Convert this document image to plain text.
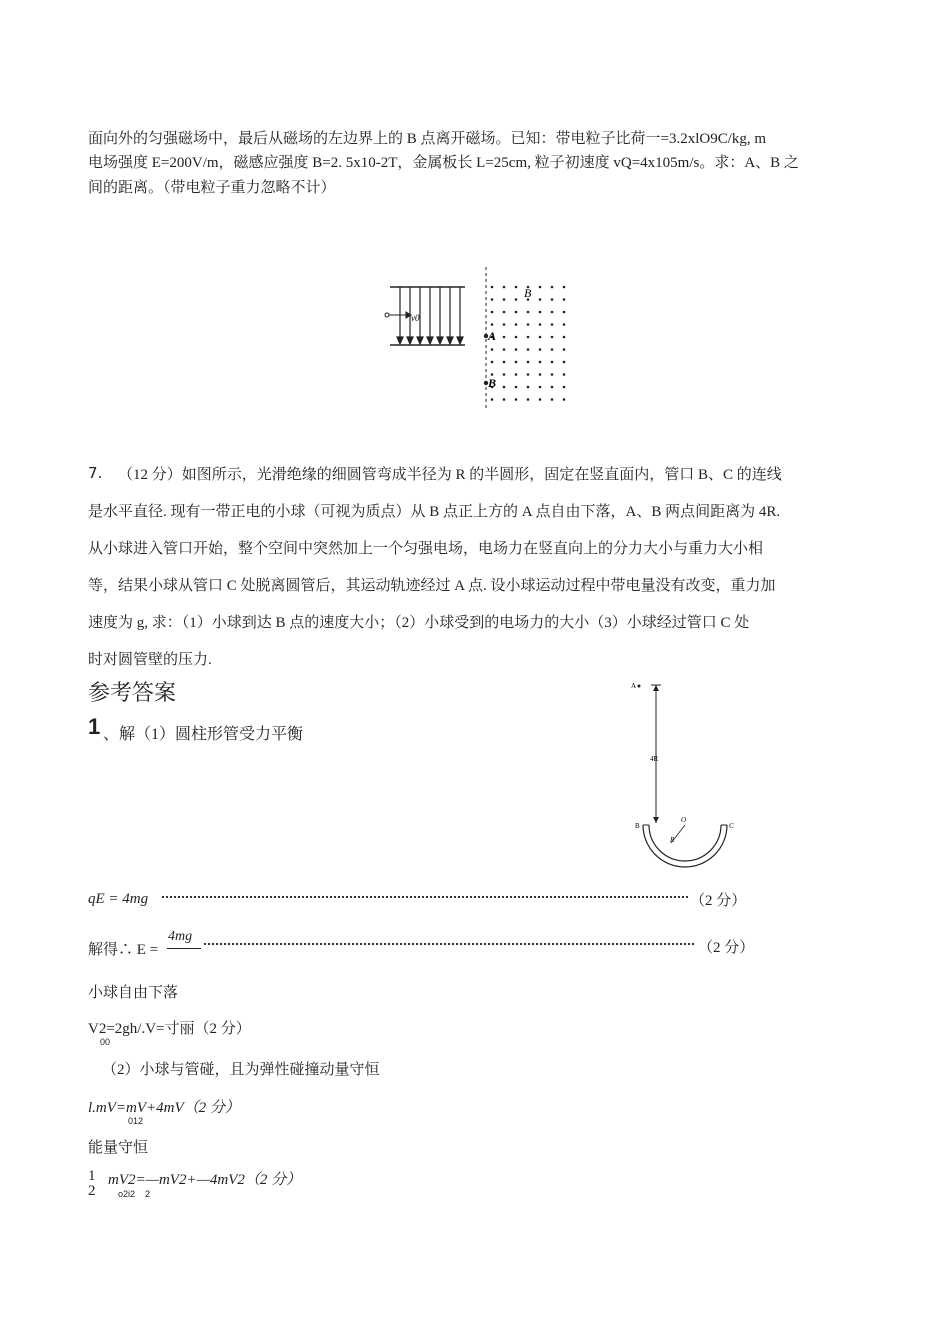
面向外的匀强磁场中，最后从磁场的左边界上的 B 点离开磁场。已知：带电粒子比荷一=3.2xlO9C/kg, m
电场强度 E=200V/m，磁感应强度 B=2. 5x10-2T，金属板长 L=25cm, 粒子初速度 vQ=4x105m/s。求：A、B 之
间的距离。（带电粒子重力忽略不计）
v0
B
A
B
7. （12 分）如图所示，光滑绝缘的细圆管弯成半径为 R 的半圆形，固定在竖直面内，管口 B、C 的连线
是水平直径. 现有一带正电的小球（可视为质点）从 B 点正上方的 A 点自由下落，A、B 两点间距离为 4R.
从小球进入管口开始，整个空间中突然加上一个匀强电场，电场力在竖直向上的分力大小与重力大小相
等，结果小球从管口 C 处脱离圆管后，其运动轨迹经过 A 点. 设小球运动过程中带电量没有改变，重力加
速度为 g, 求：（1）小球到达 B 点的速度大小；（2）小球受到的电场力的大小（3）小球经过管口 C 处
时对圆管壁的压力.
参考答案
1 、解（1）圆柱形管受力平衡
A
4R
B
O
C
R
qE = 4mg	（2 分）
解得∴ E =
4mg
（2 分）
小球自由下落
V2=2gh/.V=寸丽（2 分）
00
（2）小球与管碰，且为弹性碰撞动量守恒
l.mV=mV+4mV（2 分）
012
能量守恒
1 mV2=—mV2+—4mV2（2 分）
2	o2i2 2
